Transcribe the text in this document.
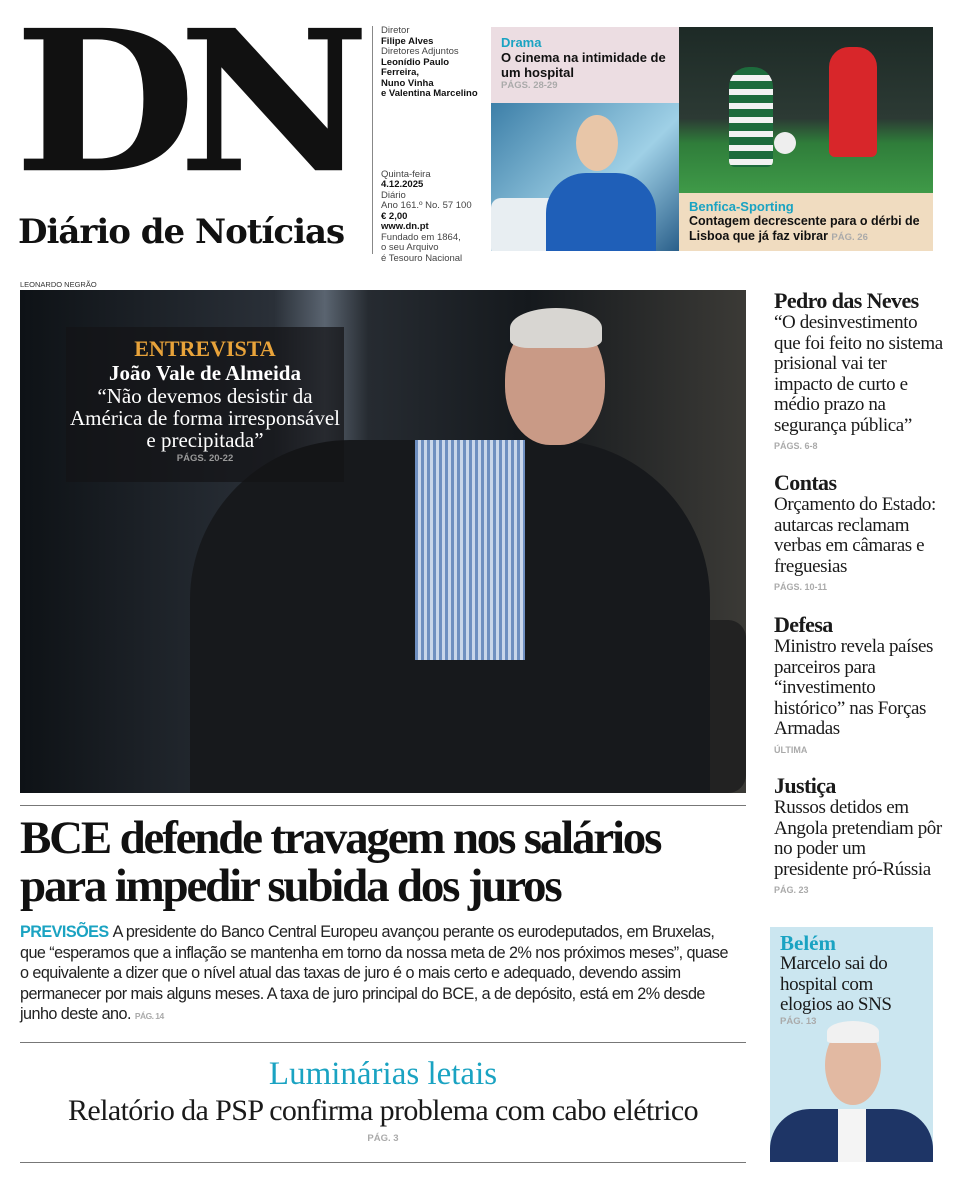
DN
Diário de Notícias
Diretor
Filipe Alves
Diretores Adjuntos
Leonídio Paulo Ferreira,
Nuno Vinha
e Valentina Marcelino
Quinta-feira
4.12.2025
Diário
Ano 161.º No. 57 100
€ 2,00
www.dn.pt
Fundado em 1864,
o seu Arquivo
é Tesouro Nacional
Drama
O cinema na intimidade de um hospital
PÁGS. 28-29
Benfica-Sporting
Contagem decrescente para o dérbi de Lisboa que já faz vibrar PÁG. 26
LEONARDO NEGRÃO
ENTREVISTA
João Vale de Almeida
“Não devemos desistir da América de forma irresponsável e precipitada”
PÁGS. 20-22
BCE defende travagem nos salários para impedir subida dos juros
PREVISÕES A presidente do Banco Central Europeu avançou perante os eurodeputados, em Bruxelas, que “esperamos que a inflação se mantenha em torno da nossa meta de 2% nos próximos meses”, quase o equivalente a dizer que o nível atual das taxas de juro é o mais certo e adequado, devendo assim permanecer por mais alguns meses. A taxa de juro principal do BCE, a de depósito, está em 2% desde junho deste ano. PÁG. 14
Luminárias letais
Relatório da PSP confirma problema com cabo elétrico
PÁG. 3
Pedro das Neves
“O desinvestimento que foi feito no sistema prisional vai ter impacto de curto e médio prazo na segurança pública”
PÁGS. 6-8
Contas
Orçamento do Estado: autarcas reclamam verbas em câmaras e freguesias
PÁGS. 10-11
Defesa
Ministro revela países parceiros para “investimento histórico” nas Forças Armadas
ÚLTIMA
Justiça
Russos detidos em Angola pretendiam pôr no poder um presidente pró-Rússia
PÁG. 23
Belém
Marcelo sai do hospital com elogios ao SNS
PÁG. 13
